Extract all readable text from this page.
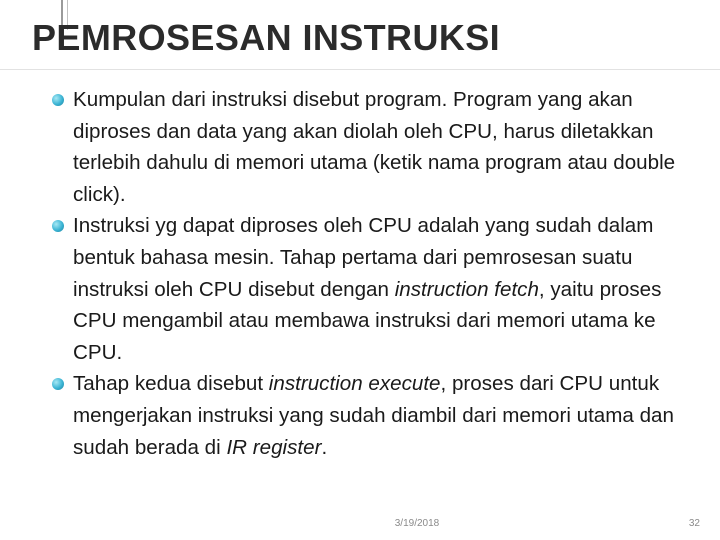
PEMROSESAN INSTRUKSI
Kumpulan dari instruksi disebut program. Program yang akan diproses dan data yang akan diolah oleh CPU, harus diletakkan terlebih dahulu di memori utama (ketik nama program atau double click).
Instruksi yg dapat diproses oleh CPU adalah yang sudah dalam bentuk bahasa mesin. Tahap pertama dari pemrosesan suatu instruksi oleh CPU disebut dengan instruction fetch, yaitu proses CPU mengambil atau membawa instruksi dari memori utama ke CPU.
Tahap kedua disebut instruction execute, proses dari CPU untuk mengerjakan instruksi yang sudah diambil dari memori utama dan sudah berada di IR register.
3/19/2018	32
